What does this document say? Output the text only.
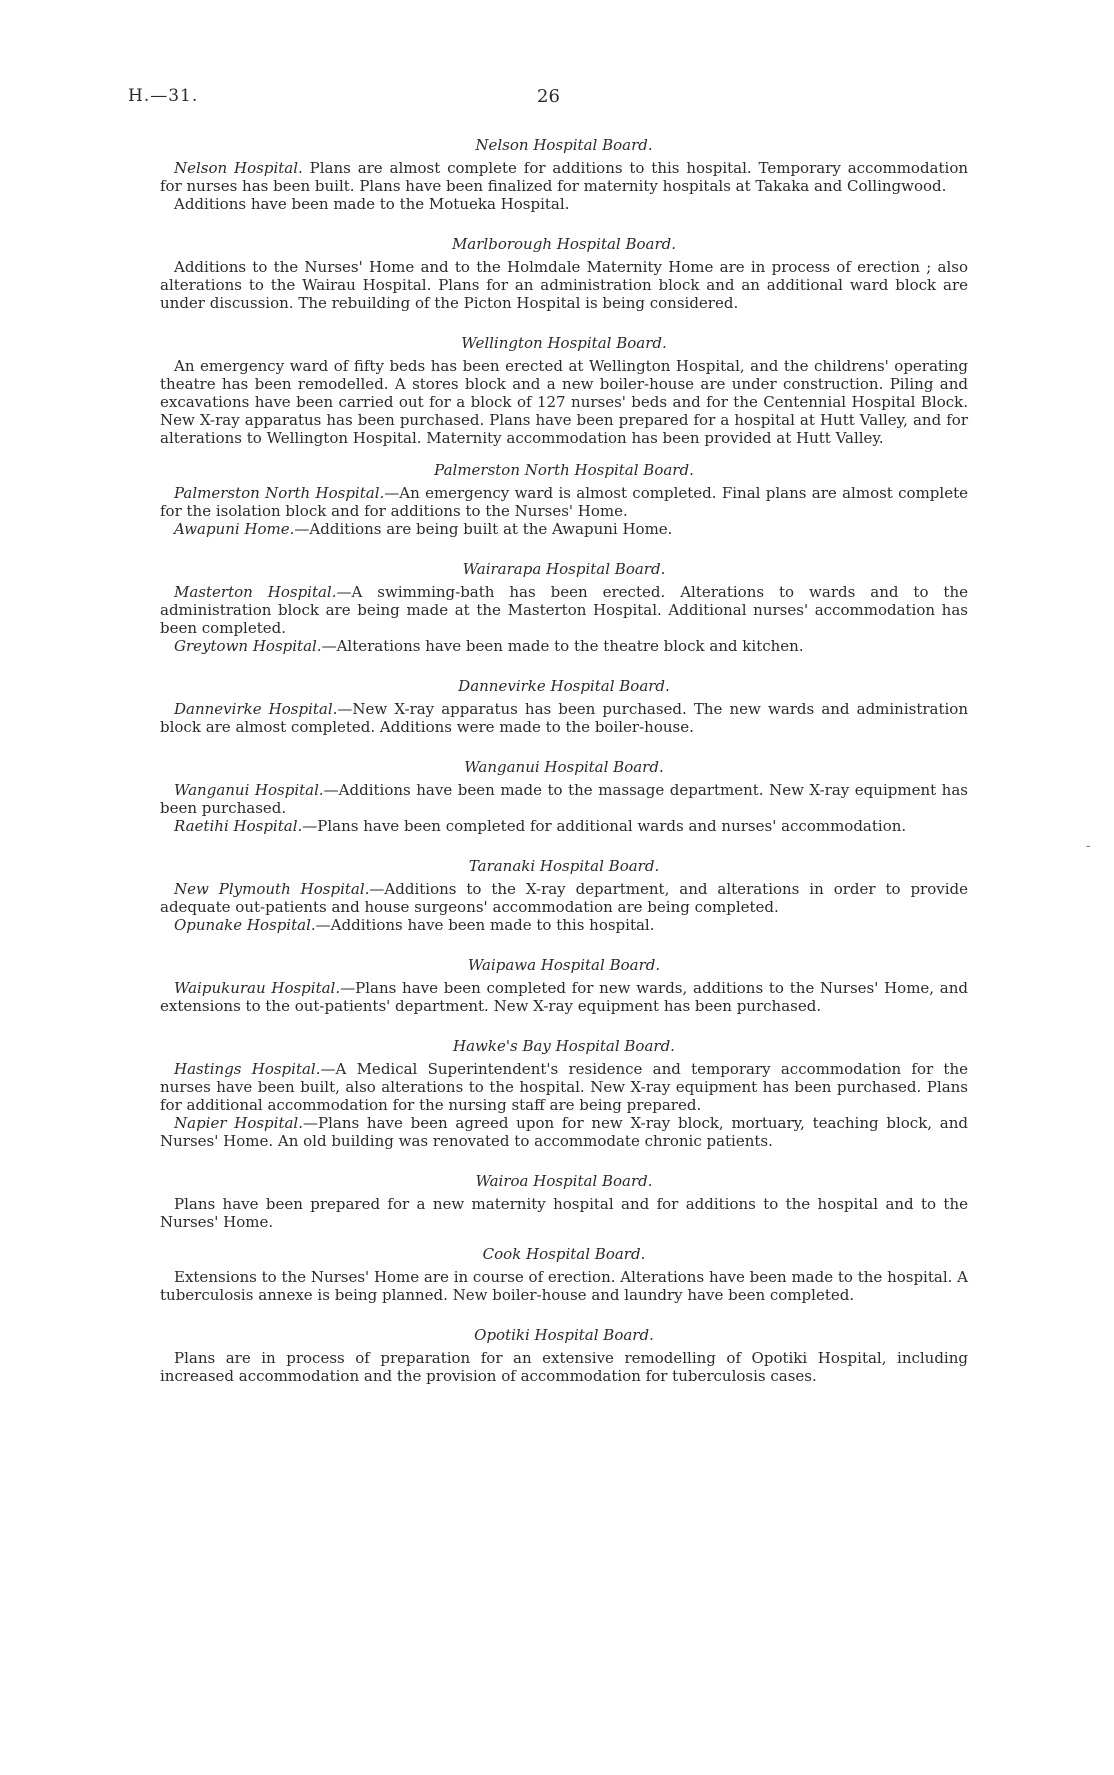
H.—31.	26
-
Nelson Hospital Board.

Nelson Hospital. Plans are almost complete for additions to this hospital. Temporary accommodation for nurses has been built. Plans have been finalized for maternity hospitals at Takaka and Collingwood.

Additions have been made to the Motueka Hospital.

Marlborough Hospital Board.

Additions to the Nurses' Home and to the Holmdale Maternity Home are in process of erection ; also alterations to the Wairau Hospital. Plans for an administration block and an additional ward block are under discussion. The rebuilding of the Picton Hospital is being considered.

Wellington Hospital Board.

An emergency ward of fifty beds has been erected at Wellington Hospital, and the childrens' operating theatre has been remodelled. A stores block and a new boiler-house are under construction. Piling and excavations have been carried out for a block of 127 nurses' beds and for the Centennial Hospital Block. New X-ray apparatus has been purchased. Plans have been prepared for a hospital at Hutt Valley, and for alterations to Wellington Hospital. Maternity accommodation has been provided at Hutt Valley.

Palmerston North Hospital Board.

Palmerston North Hospital.—An emergency ward is almost completed. Final plans are almost complete for the isolation block and for additions to the Nurses' Home.

Awapuni Home.—Additions are being built at the Awapuni Home.

Wairarapa Hospital Board.

Masterton Hospital.—A swimming-bath has been erected. Alterations to wards and to the administration block are being made at the Masterton Hospital. Additional nurses' accommodation has been completed.

Greytown Hospital.—Alterations have been made to the theatre block and kitchen.

Dannevirke Hospital Board.

Dannevirke Hospital.—New X-ray apparatus has been purchased. The new wards and administration block are almost completed. Additions were made to the boiler-house.

Wanganui Hospital Board.

Wanganui Hospital.—Additions have been made to the massage department. New X-ray equipment has been purchased.

Raetihi Hospital.—Plans have been completed for additional wards and nurses' accommodation.

Taranaki Hospital Board.

New Plymouth Hospital.—Additions to the X-ray department, and alterations in order to provide adequate out-patients and house surgeons' accommodation are being completed.

Opunake Hospital.—Additions have been made to this hospital.

Waipawa Hospital Board.

Waipukurau Hospital.—Plans have been completed for new wards, additions to the Nurses' Home, and extensions to the out-patients' department. New X-ray equipment has been purchased.

Hawke's Bay Hospital Board.

Hastings Hospital.—A Medical Superintendent's residence and temporary accommodation for the nurses have been built, also alterations to the hospital. New X-ray equipment has been purchased. Plans for additional accommodation for the nursing staff are being prepared.

Napier Hospital.—Plans have been agreed upon for new X-ray block, mortuary, teaching block, and Nurses' Home. An old building was renovated to accommodate chronic patients.

Wairoa Hospital Board.

Plans have been prepared for a new maternity hospital and for additions to the hospital and to the Nurses' Home.

Cook Hospital Board.

Extensions to the Nurses' Home are in course of erection. Alterations have been made to the hospital. A tuberculosis annexe is being planned. New boiler-house and laundry have been completed.

Opotiki Hospital Board.

Plans are in process of preparation for an extensive remodelling of Opotiki Hospital, including increased accommodation and the provision of accommodation for tuberculosis cases.
